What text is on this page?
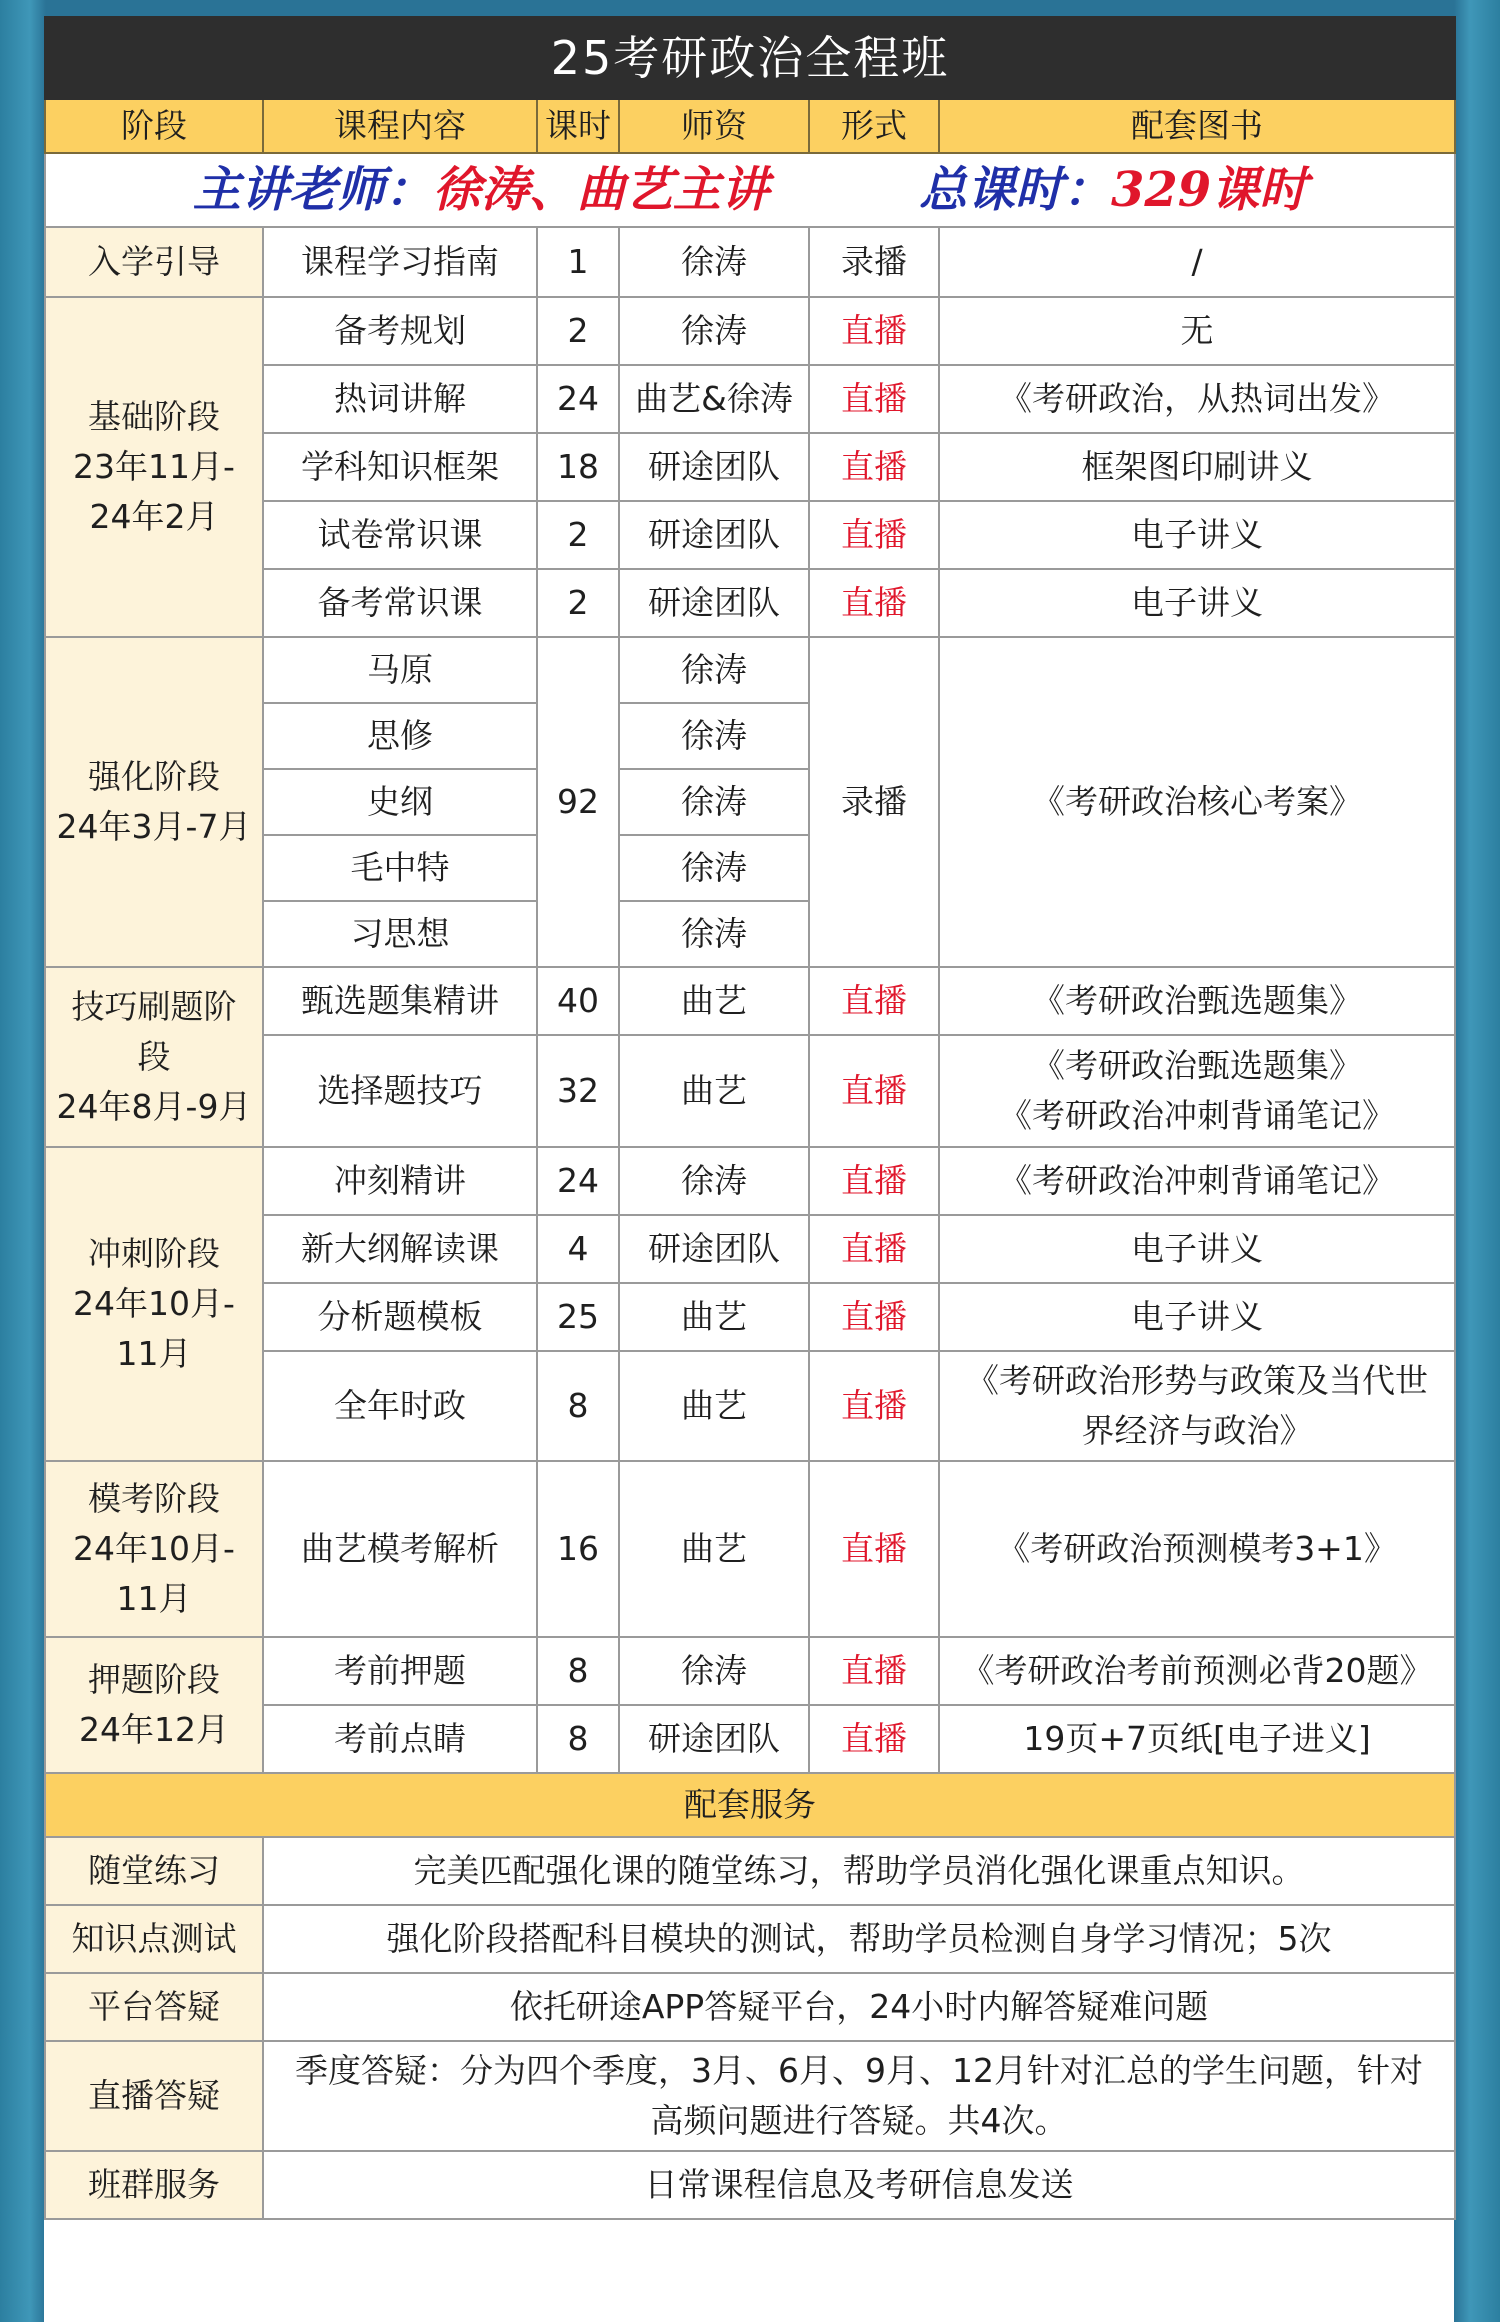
25考研政治全程班					
阶段	课程内容	课时	师资	形式	配套图书
主讲老师：徐涛、曲艺主讲 总课时：329课时					
入学引导	课程学习指南	1	徐涛	录播	/

基础阶段
23年11月-
24年2月	备考规划	2	徐涛	直播	无
	热词讲解	24	曲艺&徐涛	直播	《考研政治，从热词出发》
	学科知识框架	18	研途团队	直播	框架图印刷讲义
	试卷常识课	2	研途团队	直播	电子讲义
	备考常识课	2	研途团队	直播	电子讲义

强化阶段
24年3月-7月	马原	92	徐涛	录播	《考研政治核心考案》
	思修		徐涛		
	史纲		徐涛		
	毛中特		徐涛		
	习思想		徐涛		

技巧刷题阶
段
24年8月-9月	甄选题集精讲	40	曲艺	直播	《考研政治甄选题集》
	选择题技巧	32	曲艺	直播	《考研政治甄选题集》
《考研政治冲刺背诵笔记》

冲刺阶段
24年10月-
11月	冲刻精讲	24	徐涛	直播	《考研政治冲刺背诵笔记》
	新大纲解读课	4	研途团队	直播	电子讲义
	分析题模板	25	曲艺	直播	电子讲义
	全年时政	8	曲艺	直播	《考研政治形势与政策及当代世
界经济与政治》

模考阶段
24年10月-
11月	曲艺模考解析	16	曲艺	直播	《考研政治预测模考3+1》

押题阶段
24年12月	考前押题	8	徐涛	直播	《考研政治考前预测必背20题》
	考前点睛	8	研途团队	直播	19页+7页纸[电子进义]
配套服务					
随堂练习	完美匹配强化课的随堂练习，帮助学员消化强化课重点知识。				
知识点测试	强化阶段搭配科目模块的测试，帮助学员检测自身学习情况；5次				
平台答疑	依托研途APP答疑平台，24小时内解答疑难问题				
直播答疑	季度答疑：分为四个季度，3月、6月、9月、12月针对汇总的学生问题，针对
高频问题进行答疑。共4次。				

班群服务	日常课程信息及考研信息发送				
